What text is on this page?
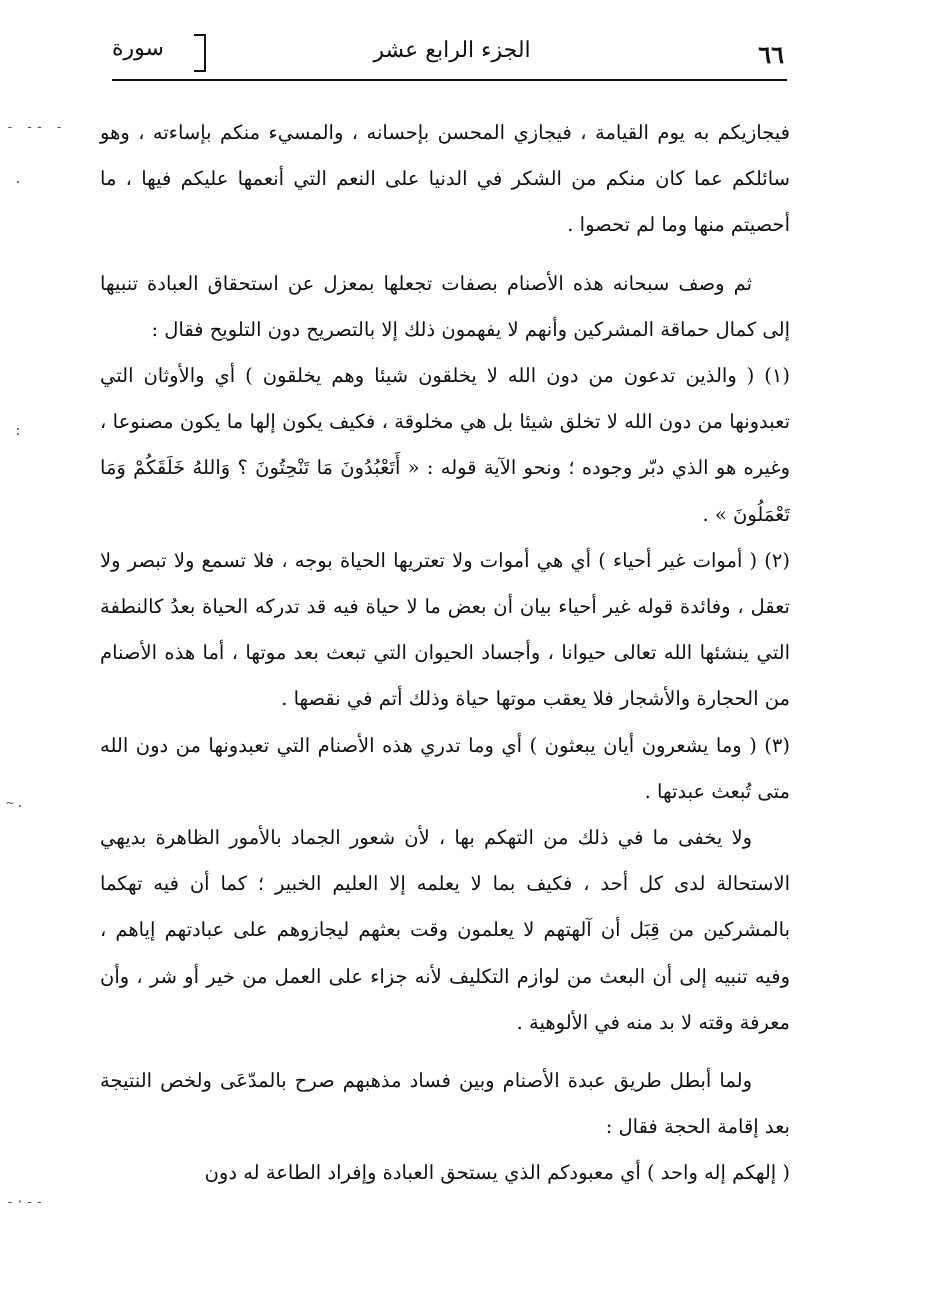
٦٦
الجزء الرابع عشر
سورة
- -- -
.
:
~.
-·--

فيجازيكم به يوم القيامة ، فيجازي المحسن بإحسانه ، والمسيء منكم بإساءته ، وهو سائلكم عما كان منكم من الشكر في الدنيا على النعم التي أنعمها عليكم فيها ، ما أحصيتم منها وما لم تحصوا .

ثم وصف سبحانه هذه الأصنام بصفات تجعلها بمعزل عن استحقاق العبادة تنبيها إلى كمال حماقة المشركين وأنهم لا يفهمون ذلك إلا بالتصريح دون التلويح فقال :

(١) ( والذين تدعون من دون الله لا يخلقون شيئا وهم يخلقون ) أي والأوثان التي تعبدونها من دون الله لا تخلق شيئا بل هي مخلوقة ، فكيف يكون إلها ما يكون مصنوعا ، وغيره هو الذي دبّر وجوده ؛ ونحو الآية قوله : « أَتَعْبُدُونَ مَا تَنْحِتُونَ ؟ وَاللهُ خَلَقَكُمْ وَمَا تَعْمَلُونَ » .

(٢) ( أموات غير أحياء ) أي هي أموات ولا تعتريها الحياة بوجه ، فلا تسمع ولا تبصر ولا تعقل ، وفائدة قوله غير أحياء بيان أن بعض ما لا حياة فيه قد تدركه الحياة بعدُ كالنطفة التي ينشئها الله تعالى حيوانا ، وأجساد الحيوان التي تبعث بعد موتها ، أما هذه الأصنام من الحجارة والأشجار فلا يعقب موتها حياة وذلك أتم في نقصها .

(٣) ( وما يشعرون أيان يبعثون ) أي وما تدري هذه الأصنام التي تعبدونها من دون الله متى تُبعث عبدتها .

ولا يخفى ما في ذلك من التهكم بها ، لأن شعور الجماد بالأمور الظاهرة بديهي الاستحالة لدى كل أحد ، فكيف بما لا يعلمه إلا العليم الخبير ؛ كما أن فيه تهكما بالمشركين من قِبَل أن آلهتهم لا يعلمون وقت بعثهم ليجازوهم على عبادتهم إياهم ، وفيه تنبيه إلى أن البعث من لوازم التكليف لأنه جزاء على العمل من خير أو شر ، وأن معرفة وقته لا بد منه في الألوهية .

ولما أبطل طريق عبدة الأصنام وبين فساد مذهبهم صرح بالمدّعَى ولخص النتيجة بعد إقامة الحجة فقال :

( إلهكم إله واحد ) أي معبودكم الذي يستحق العبادة وإفراد الطاعة له دون
